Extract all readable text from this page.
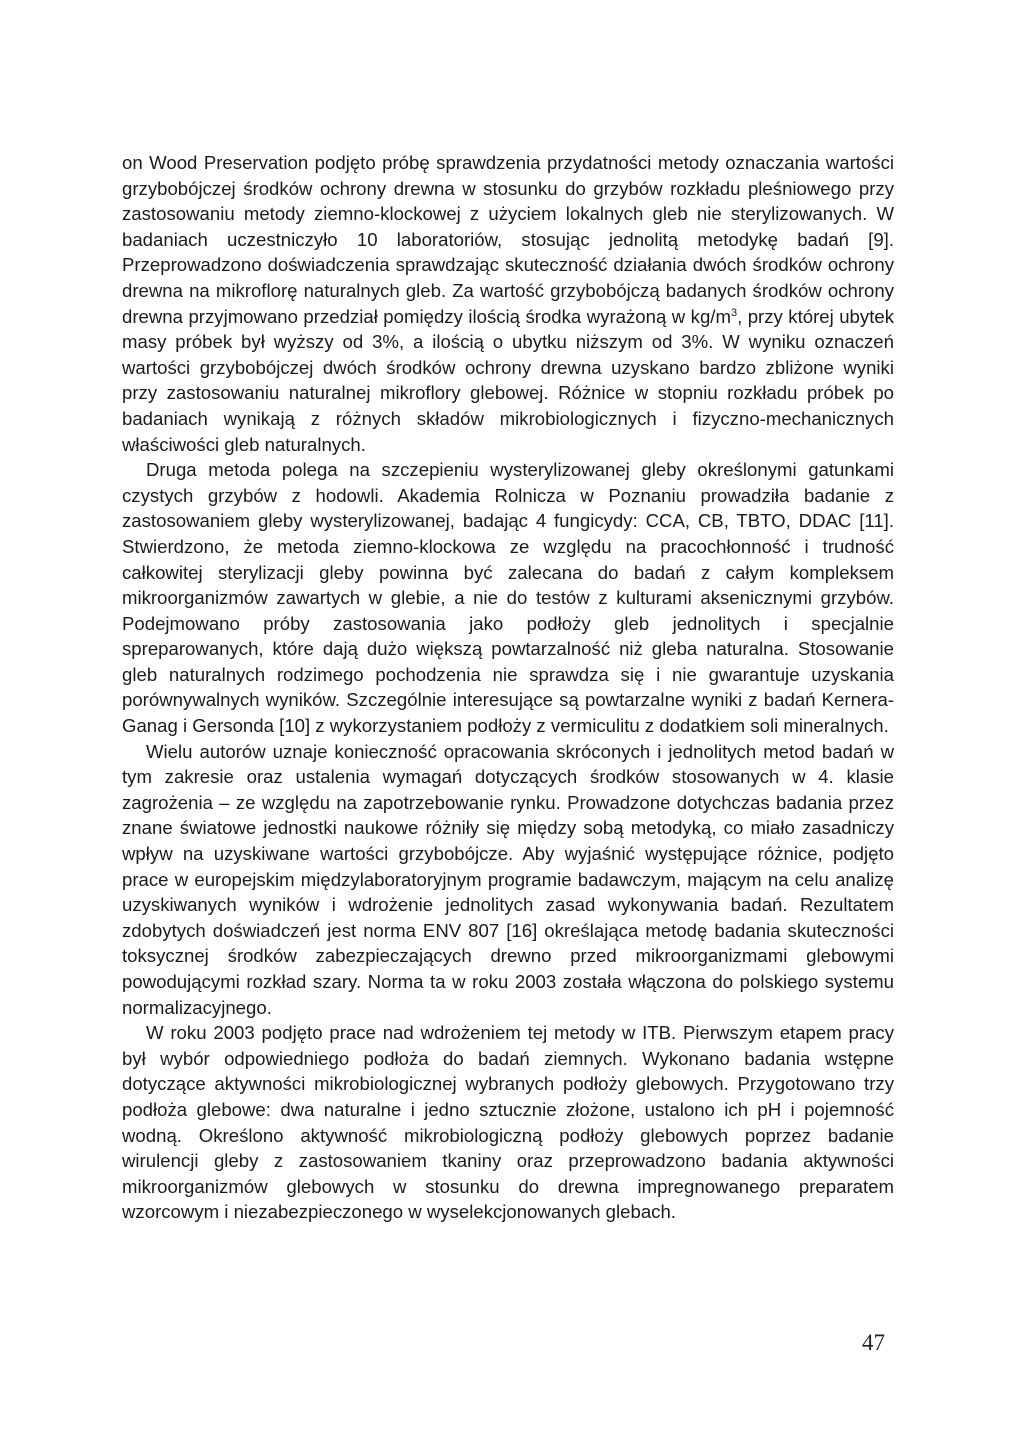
on Wood Preservation podjęto próbę sprawdzenia przydatności metody oznaczania wartości grzybobójczej środków ochrony drewna w stosunku do grzybów rozkładu pleśniowego przy zastosowaniu metody ziemno-klockowej z użyciem lokalnych gleb nie sterylizowanych. W badaniach uczestniczyło 10 laboratoriów, stosując jednolitą metodykę badań [9]. Przeprowadzono doświadczenia sprawdzając skuteczność działania dwóch środków ochrony drewna na mikroflorę naturalnych gleb. Za wartość grzybobójczą badanych środków ochrony drewna przyjmowano przedział pomiędzy ilością środka wyrażoną w $kg/m^3$, przy której ubytek masy próbek był wyższy od 3%, a ilością o ubytku niższym od 3%. W wyniku oznaczeń wartości grzybobójczej dwóch środków ochrony drewna uzyskano bardzo zbliżone wyniki przy zastosowaniu naturalnej mikroflory glebowej. Różnice w stopniu rozkładu próbek po badaniach wynikają z różnych składów mikrobiologicznych i fizyczno-mechanicznych właściwości gleb naturalnych.

Druga metoda polega na szczepieniu wysterylizowanej gleby określonymi gatunkami czystych grzybów z hodowli. Akademia Rolnicza w Poznaniu prowadziła badanie z zastosowaniem gleby wysterylizowanej, badając 4 fungicydy: CCA, CB, TBTO, DDAC [11]. Stwierdzono, że metoda ziemno-klockowa ze względu na pracochłonność i trudność całkowitej sterylizacji gleby powinna być zalecana do badań z całym kompleksem mikroorganizmów zawartych w glebie, a nie do testów z kulturami aksenicznymi grzybów. Podejmowano próby zastosowania jako podłoży gleb jednolitych i specjalnie spreparowanych, które dają dużo większą powtarzalność niż gleba naturalna. Stosowanie gleb naturalnych rodzimego pochodzenia nie sprawdza się i nie gwarantuje uzyskania porównywalnych wyników. Szczególnie interesujące są powtarzalne wyniki z badań Kernera-Ganag i Gersonda [10] z wykorzystaniem podłoży z vermiculitu z dodatkiem soli mineralnych.

Wielu autorów uznaje konieczność opracowania skróconych i jednolitych metod badań w tym zakresie oraz ustalenia wymagań dotyczących środków stosowanych w 4. klasie zagrożenia – ze względu na zapotrzebowanie rynku. Prowadzone dotychczas badania przez znane światowe jednostki naukowe różniły się między sobą metodyką, co miało zasadniczy wpływ na uzyskiwane wartości grzybobójcze. Aby wyjaśnić występujące różnice, podjęto prace w europejskim międzylaboratoryjnym programie badawczym, mającym na celu analizę uzyskiwanych wyników i wdrożenie jednolitych zasad wykonywania badań. Rezultatem zdobytych doświadczeń jest norma ENV 807 [16] określająca metodę badania skuteczności toksycznej środków zabezpieczających drewno przed mikroorganizmami glebowymi powodującymi rozkład szary. Norma ta w roku 2003 została włączona do polskiego systemu normalizacyjnego.

W roku 2003 podjęto prace nad wdrożeniem tej metody w ITB. Pierwszym etapem pracy był wybór odpowiedniego podłoża do badań ziemnych. Wykonano badania wstępne dotyczące aktywności mikrobiologicznej wybranych podłoży glebowych. Przygotowano trzy podłoża glebowe: dwa naturalne i jedno sztucznie złożone, ustalono ich pH i pojemność wodną. Określono aktywność mikrobiologiczną podłoży glebowych poprzez badanie wirulencji gleby z zastosowaniem tkaniny oraz przeprowadzono badania aktywności mikroorganizmów glebowych w stosunku do drewna impregnowanego preparatem wzorcowym i niezabezpieczonego w wyselekcjonowanych glebach.

47
